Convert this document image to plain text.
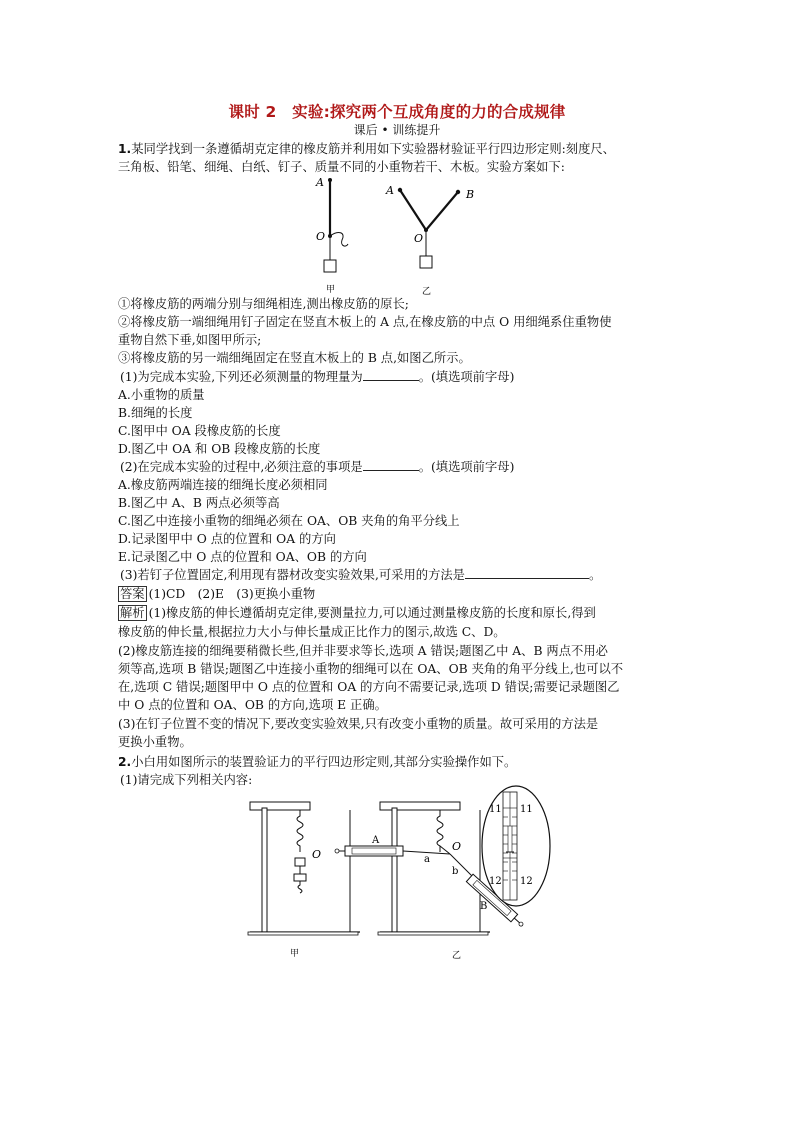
课时 2　实验:探究两个互成角度的力的合成规律
课后 • 训练提升
1.某同学找到一条遵循胡克定律的橡皮筋并利用如下实验器材验证平行四边形定则:刻度尺、
三角板、铅笔、细绳、白纸、钉子、质量不同的小重物若干、木板。实验方案如下:
A
O
甲
A	B
O
乙
①将橡皮筋的两端分别与细绳相连,测出橡皮筋的原长;
②将橡皮筋一端细绳用钉子固定在竖直木板上的 A 点,在橡皮筋的中点 O 用细绳系住重物使
重物自然下垂,如图甲所示;
③将橡皮筋的另一端细绳固定在竖直木板上的 B 点,如图乙所示。
(1)为完成本实验,下列还必须测量的物理量为	。(填选项前字母)
A.小重物的质量
B.细绳的长度
C.图甲中 OA 段橡皮筋的长度
D.图乙中 OA 和 OB 段橡皮筋的长度
(2)在完成本实验的过程中,必须注意的事项是	。(填选项前字母)
A.橡皮筋两端连接的细绳长度必须相同
B.图乙中 A、B 两点必须等高
C.图乙中连接小重物的细绳必须在 OA、OB 夹角的角平分线上
D.记录图甲中 O 点的位置和 OA 的方向
E.记录图乙中 O 点的位置和 OA、OB 的方向
(3)若钉子位置固定,利用现有器材改变实验效果,可采用的方法是	。
答案 (1)CD　(2)E　(3)更换小重物
解析 (1)橡皮筋的伸长遵循胡克定律,要测量拉力,可以通过测量橡皮筋的长度和原长,得到
橡皮筋的伸长量,根据拉力大小与伸长量成正比作力的图示,故选 C、D。
(2)橡皮筋连接的细绳要稍微长些,但并非要求等长,选项 A 错误;题图乙中 A、B 两点不用必
须等高,选项 B 错误;题图乙中连接小重物的细绳可以在 OA、OB 夹角的角平分线上,也可以不
在,选项 C 错误;题图甲中 O 点的位置和 OA 的方向不需要记录,选项 D 错误;需要记录题图乙
中 O 点的位置和 OA、OB 的方向,选项 E 正确。
(3)在钉子位置不变的情况下,要改变实验效果,只有改变小重物的质量。故可采用的方法是
更换小重物。
2.小白用如图所示的装置验证力的平行四边形定则,其部分实验操作如下。
(1)请完成下列相关内容:
O
甲
A
a
b
O
B
乙
11 11
12 12
